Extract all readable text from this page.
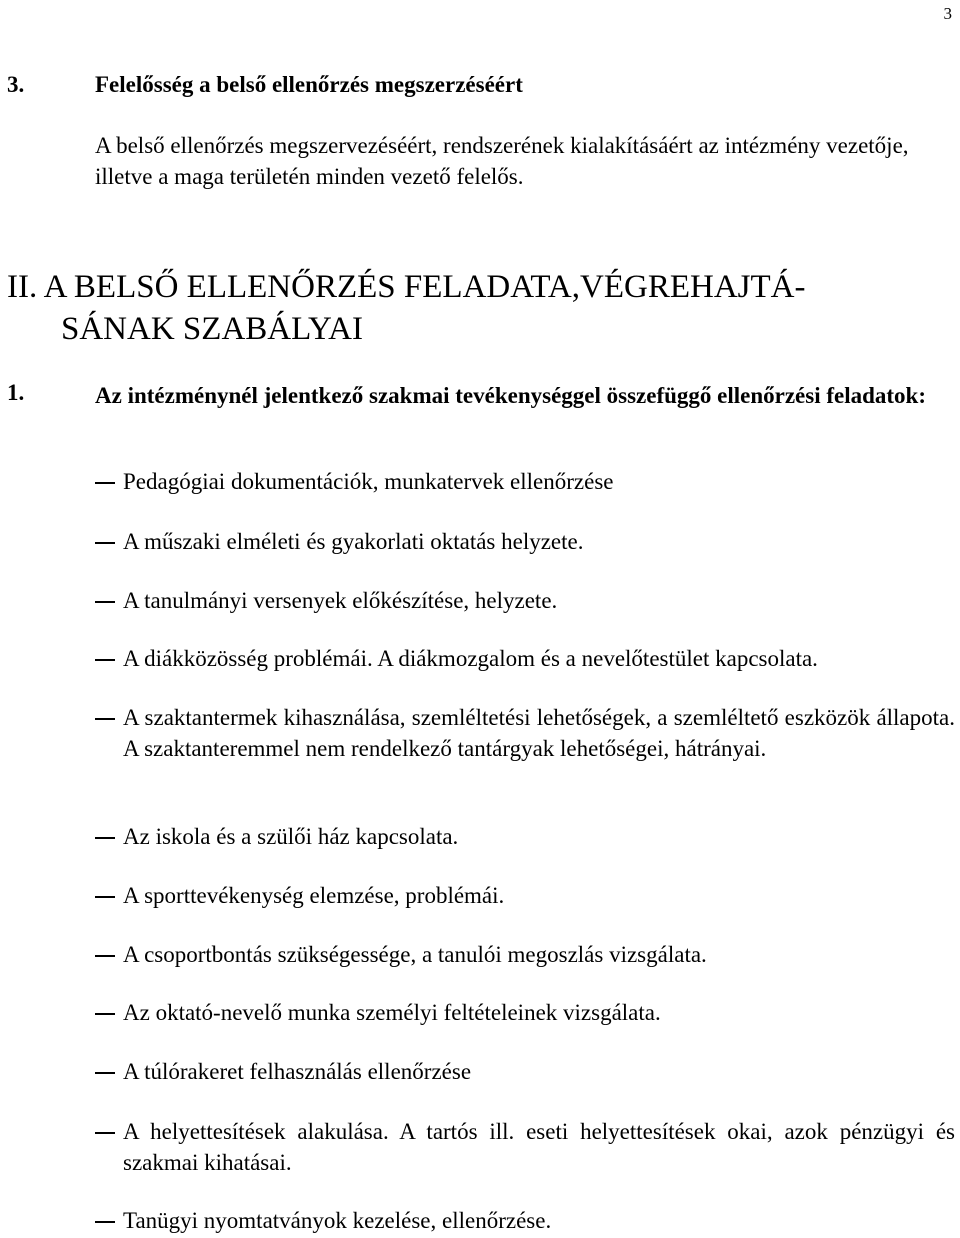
3
3.	Felelősség a belső ellenőrzés megszerzéséért

A belső ellenőrzés megszervezéséért, rendszerének kialakításáért az intézmény vezetője, illetve a maga területén minden vezető felelős.

II. A BELSŐ ELLENŐRZÉS FELADATA,VÉGREHAJTÁ-
SÁNAK SZABÁLYAI
1.	Az intézménynél jelentkező szakmai tevékenységgel összefüggő ellenőrzési feladatok:
Pedagógiai dokumentációk, munkatervek ellenőrzése
A műszaki elméleti és gyakorlati oktatás helyzete.
A tanulmányi versenyek előkészítése, helyzete.
A diákközösség problémái. A diákmozgalom és a nevelőtestület kapcsolata.
A szaktantermek kihasználása, szemléltetési lehetőségek, a szemléltető eszközök állapota. A szaktanteremmel nem rendelkező tantárgyak lehetőségei, hátrányai.
Az iskola és a szülői ház kapcsolata.
A sporttevékenység elemzése, problémái.
A csoportbontás szükségessége, a tanulói megoszlás vizsgálata.
Az oktató-nevelő munka személyi feltételeinek vizsgálata.
A túlórakeret felhasználás ellenőrzése
A helyettesítések alakulása. A tartós ill. eseti helyettesítések okai, azok pénzügyi és szakmai kihatásai.
Tanügyi nyomtatványok kezelése, ellenőrzése.
